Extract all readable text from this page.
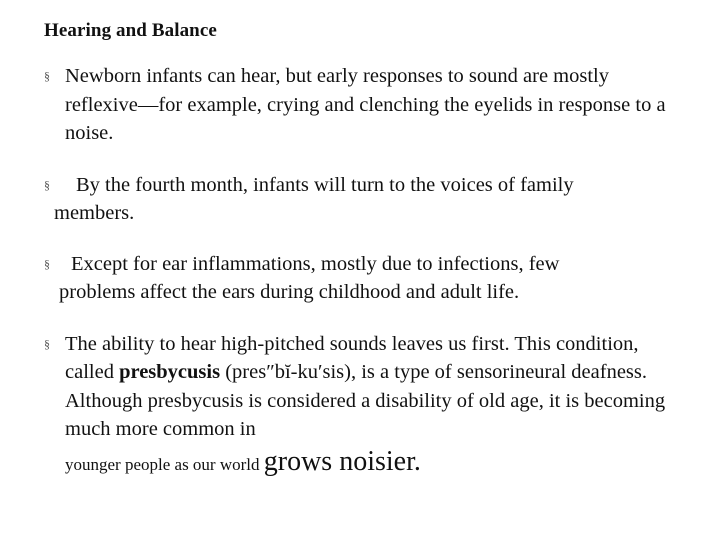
Hearing and Balance
§ Newborn infants can hear, but early responses to sound are mostly reflexive—for example, crying and clenching the eyelids in response to a noise.
§ By the fourth month, infants will turn to the voices of family
members.
§ Except for ear inflammations, mostly due to infections, few
problems affect the ears during childhood and adult life.
§ The ability to hear high-pitched sounds leaves us first. This condition, called presbycusis (pres″bĭ-ku′sis), is a type of sensorineural deafness. Although presbycusis is considered a disability of old age, it is becoming much more common in
younger people as our world grows noisier.
